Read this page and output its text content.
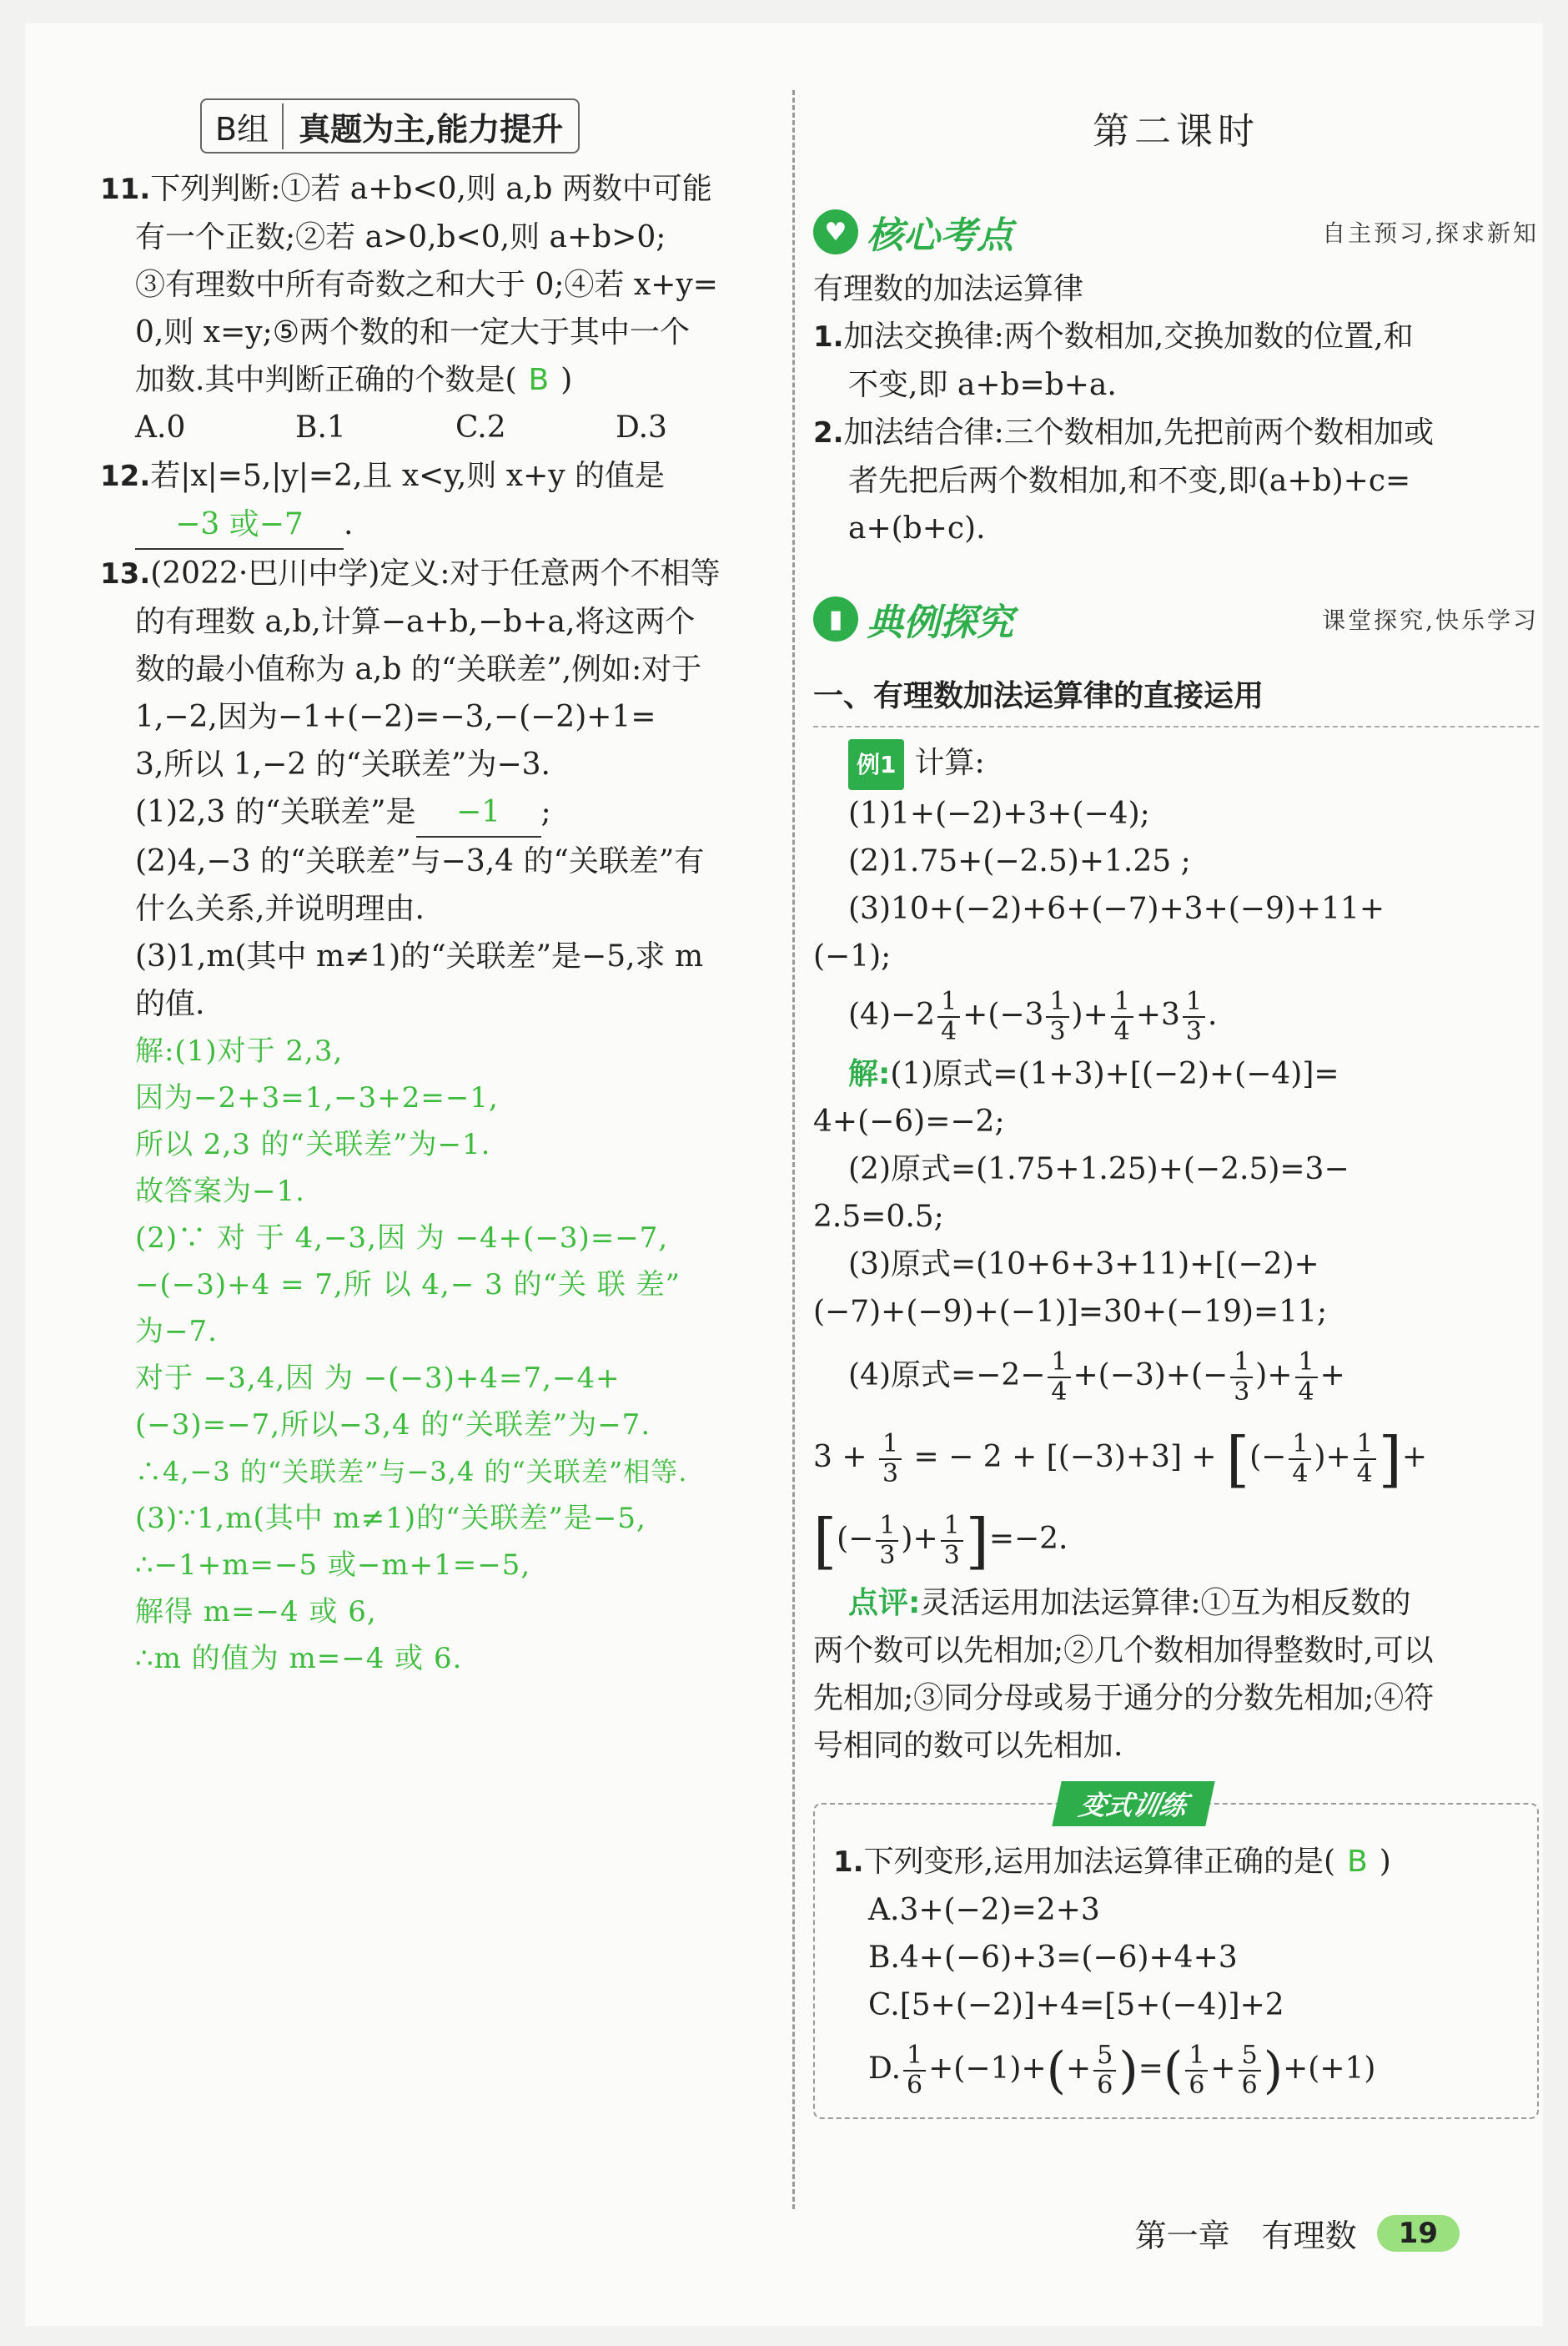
B组 真题为主,能力提升
11.下列判断:①若 a+b<0,则 a,b 两数中可能
有一个正数;②若 a>0,b<0,则 a+b>0;
③有理数中所有奇数之和大于 0;④若 x+y=
0,则 x=y;⑤两个数的和一定大于其中一个
加数.其中判断正确的个数是( B )
A.0	B.1	C.2	D.3
12.若|x|=5,|y|=2,且 x<y,则 x+y 的值是
−3 或−7 .
13.(2022·巴川中学)定义:对于任意两个不相等
的有理数 a,b,计算−a+b,−b+a,将这两个
数的最小值称为 a,b 的“关联差”,例如:对于
1,−2,因为−1+(−2)=−3,−(−2)+1=
3,所以 1,−2 的“关联差”为−3.
(1)2,3 的“关联差”是 −1 ;
(2)4,−3 的“关联差”与−3,4 的“关联差”有
什么关系,并说明理由.
(3)1,m(其中 m≠1)的“关联差”是−5,求 m
的值.
解:(1)对于 2,3,
因为−2+3=1,−3+2=−1,
所以 2,3 的“关联差”为−1.
故答案为−1.
(2)∵ 对 于 4,−3,因 为 −4+(−3)=−7,
−(−3)+4 = 7,所 以 4,− 3 的“关 联 差”
为−7.
对于 −3,4,因 为 −(−3)+4=7,−4+
(−3)=−7,所以−3,4 的“关联差”为−7.
∴4,−3 的“关联差”与−3,4 的“关联差”相等.
(3)∵1,m(其中 m≠1)的“关联差”是−5,
∴−1+m=−5 或−m+1=−5,
解得 m=−4 或 6,
∴m 的值为 m=−4 或 6.
第二课时
♥ 核心考点	自主预习,探求新知
有理数的加法运算律
1.加法交换律:两个数相加,交换加数的位置,和
不变,即 a+b=b+a.
2.加法结合律:三个数相加,先把前两个数相加或
者先把后两个数相加,和不变,即(a+b)+c=
a+(b+c).
▮ 典例探究	课堂探究,快乐学习
一、有理数加法运算律的直接运用
例1 计算:
(1)1+(−2)+3+(−4);
(2)1.75+(−2.5)+1.25 ;
(3)10+(−2)+6+(−7)+3+(−9)+11+
(−1);
$(4)-2 \frac{1}{4} +(-3 \frac{1}{3}$ )+ $\frac{1}{4} +3 \frac{1}{3}$ .
解:(1)原式=(1+3)+[(−2)+(−4)]=
4+(−6)=−2;
(2)原式=(1.75+1.25)+(−2.5)=3−
2.5=0.5;
(3)原式=(10+6+3+11)+[(−2)+
(−7)+(−9)+(−1)]=30+(−19)=11;
(4)原式$=-2- \frac{1}{4} +(-3)+(- \frac{1}{3}$ )+ $\frac{1}{4}$ +
$3 + \frac{1}{3}$ = − 2 + [(−3)+3] + [(− $\frac{1}{4}$ )+ $\frac{1}{4}$ ]+
[(− $\frac{1}{3}$ )+ $\frac{1}{3} ]=-2$.
点评:灵活运用加法运算律:①互为相反数的
两个数可以先相加;②几个数相加得整数时,可以
先相加;③同分母或易于通分的分数先相加;④符
号相同的数可以先相加.
变式训练
1.下列变形,运用加法运算律正确的是( B )
A.3+(−2)=2+3
B.4+(−6)+3=(−6)+4+3
C.[5+(−2)]+4=[5+(−4)]+2
D. $\frac{1}{6} +(-1)+(+ \frac{5}{6}$ )=( $\frac{1}{6} + \frac{5}{6} )+(+1)$
第一章　有理数	19
